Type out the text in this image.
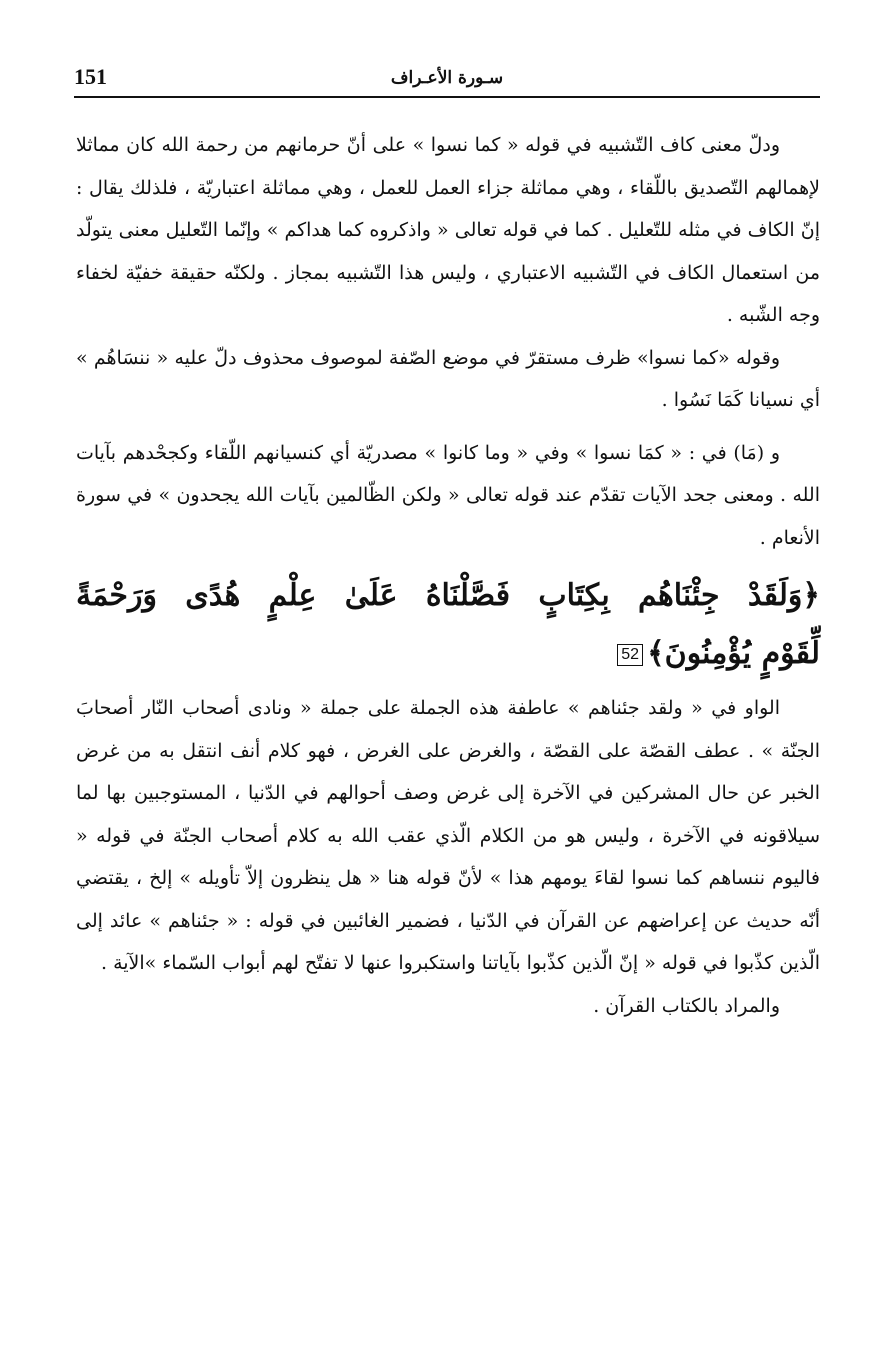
151	سـورة الأعـراف

ودلّ معنى كاف التّشبيه في قوله « كما نسوا » على أنّ حرمانهم من رحمة الله كان مماثلا لإهمالهم التّصديق باللّقاء ، وهي مماثلة جزاء العمل للعمل ، وهي مماثلة اعتباريّة ، فلذلك يقال : إنّ الكاف في مثله للتّعليل . كما في قوله تعالى « واذكروه كما هداكم » وإنّما التّعليل معنى يتولّد من استعمال الكاف في التّشبيه الاعتباري ، وليس هذا التّشبيه بمجاز . ولكنّه حقيقة خفيّة لخفاء وجه الشّبه .

وقوله «كما نسوا» ظرف مستقرّ في موضع الصّفة لموصوف محذوف دلّ عليه « ننسَاهُم » أي نسيانا كَمَا نَسُوا .

و (مَا) في : « كمَا نسوا » وفي « وما كانوا » مصدريّة أي كنسيانهم اللّقاء وكجحْدهم بآيات الله . ومعنى جحد الآيات تقدّم عند قوله تعالى « ولكن الظّالمين بآيات الله يجحدون » في سورة الأنعام .

﴿وَلَقَدْ جِئْنَاهُم بِكِتَابٍ فَصَّلْنَاهُ عَلَىٰ عِلْمٍ هُدًى وَرَحْمَةً
لِّقَوْمٍ يُؤْمِنُونَ﴾52

الواو في « ولقد جئناهم » عاطفة هذه الجملة على جملة « ونادى أصحاب النّار أصحابَ الجنّة » . عطف القصّة على القصّة ، والغرض على الغرض ، فهو كلام أنف انتقل به من غرض الخبر عن حال المشركين في الآخرة إلى غرض وصف أحوالهم في الدّنيا ، المستوجبين بها لما سيلاقونه في الآخرة ، وليس هو من الكلام الّذي عقب الله به كلام أصحاب الجنّة في قوله « فاليوم ننساهم كما نسوا لقاءَ يومهم هذا » لأنّ قوله هنا « هل ينظرون إلاّ تأويله » إلخ ، يقتضي أنّه حديث عن إعراضهم عن القرآن في الدّنيا ، فضمير الغائبين في قوله : « جئناهم » عائد إلى الّذين كذّبوا في قوله « إنّ الّذين كذّبوا بآياتنا واستكبروا عنها لا تفتّح لهم أبواب السّماء »الآية .

والمراد بالكتاب القرآن .
